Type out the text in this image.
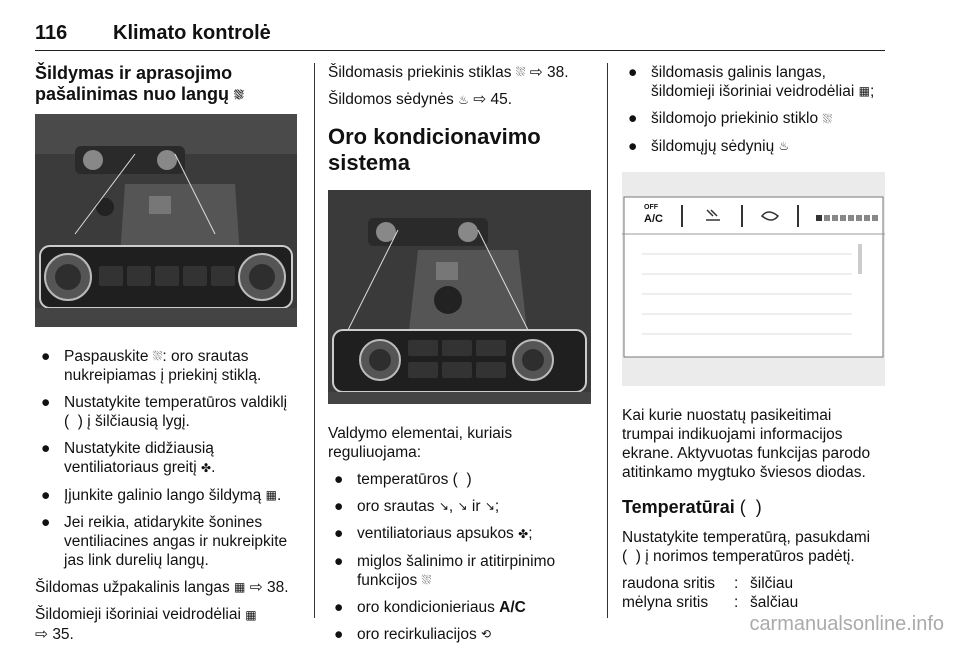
116 Klimato kontrolė
Šildymas ir aprasojimo pašalinimas nuo langų ⛆
● Paspauskite ⛆: oro srautas nukreipiamas į priekinį stiklą.
● Nustatykite temperatūros valdiklį ( ) į šilčiausią lygį.
● Nustatykite didžiausią ventiliatoriaus greitį ✤.
● Įjunkite galinio lango šildymą ▦.
● Jei reikia, atidarykite šonines ventiliacines angas ir nukreipkite jas link durelių langų.

Šildomas užpakalinis langas ▦ ⇨ 38.

Šildomieji išoriniai veidrodėliai ▦
⇨ 35.

Šildomasis priekinis stiklas ⛆ ⇨ 38.

Šildomos sėdynės ♨ ⇨ 45.

Oro kondicionavimo sistema

Valdymo elementai, kuriais reguliuojama:

● temperatūros ( )
● oro srautas ↘, ↘ ir ↘;
● ventiliatoriaus apsukos ✤;
● miglos šalinimo ir atitirpinimo funkcijos ⛆
● oro kondicionieriaus A/C
● oro recirkuliacijos ⟲
● šildomasis galinis langas, šildomieji išoriniai veidrodėliai ▦;
● šildomojo priekinio stiklo ⛆
● šildomųjų sėdynių ♨
OFF
A/C

Kai kurie nuostatų pasikeitimai trumpai indikuojami informacijos ekrane. Aktyvuotas funkcijas parodo atitinkamo mygtuko šviesos diodas.

Temperatūrai ( )

Nustatykite temperatūrą, pasukdami
( ) į norimos temperatūros padėtį.

raudona sritis	: šilčiau
mėlyna sritis	: šalčiau
carmanualsonline.info
